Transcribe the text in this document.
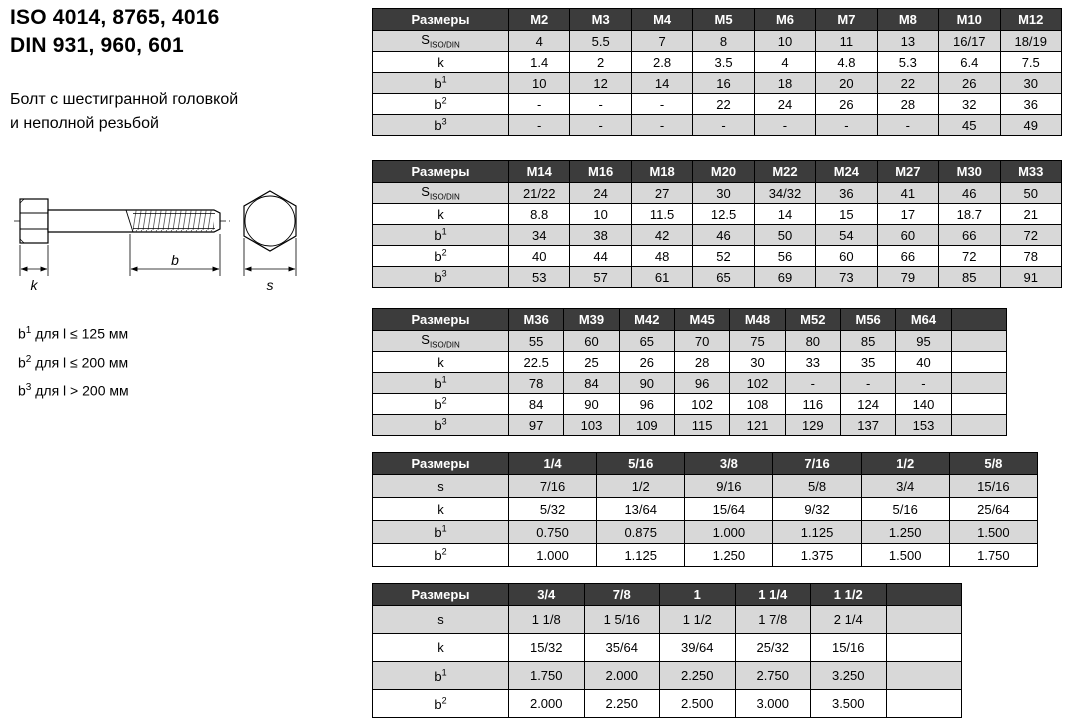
ISO 4014, 8765, 4016
DIN 931, 960, 601
Болт с шестигранной головкой
и неполной резьбой
k
b
s
$b^1$ для l ≤ 125 мм
$b^2$ для l ≤ 200 мм
$b^3$ для l > 200 мм
Размеры	M2	M3	M4	M5	M6	M7	M8	M10	M12
$S_{ISO/DIN}$	4	5.5	7	8	10	11	13	16/17	18/19
k	1.4	2	2.8	3.5	4	4.8	5.3	6.4	7.5
$b^1$	10	12	14	16	18	20	22	26	30
$b^2$	-	-	-	22	24	26	28	32	36
$b^3$	-	-	-	-	-	-	-	45	49
Размеры	M14	M16	M18	M20	M22	M24	M27	M30	M33
$S_{ISO/DIN}$	21/22	24	27	30	34/32	36	41	46	50
k	8.8	10	11.5	12.5	14	15	17	18.7	21
$b^1$	34	38	42	46	50	54	60	66	72
$b^2$	40	44	48	52	56	60	66	72	78
$b^3$	53	57	61	65	69	73	79	85	91
Размеры	M36	M39	M42	M45	M48	M52	M56	M64	
$S_{ISO/DIN}$	55	60	65	70	75	80	85	95	
k	22.5	25	26	28	30	33	35	40	
$b^1$	78	84	90	96	102	-	-	-	
$b^2$	84	90	96	102	108	116	124	140	
$b^3$	97	103	109	115	121	129	137	153	
Размеры	1/4	5/16	3/8	7/16	1/2	5/8
s	7/16	1/2	9/16	5/8	3/4	15/16
k	5/32	13/64	15/64	9/32	5/16	25/64
$b^1$	0.750	0.875	1.000	1.125	1.250	1.500
$b^2$	1.000	1.125	1.250	1.375	1.500	1.750
Размеры	3/4	7/8	1	1 1/4	1 1/2	
s	1 1/8	1 5/16	1 1/2	1 7/8	2 1/4	
k	15/32	35/64	39/64	25/32	15/16	
$b^1$	1.750	2.000	2.250	2.750	3.250	
$b^2$	2.000	2.250	2.500	3.000	3.500	
